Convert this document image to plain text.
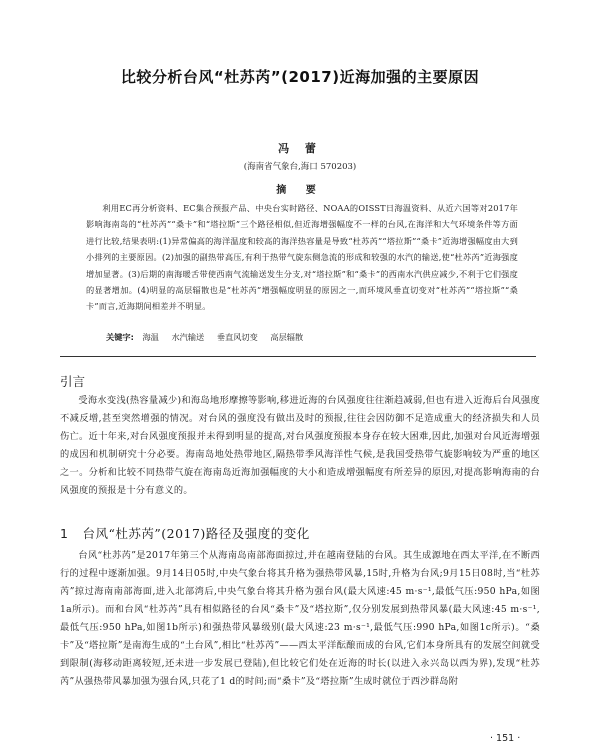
比较分析台风“杜苏芮”(2017)近海加强的主要原因
冯 蕾
(海南省气象台,海口 570203)
摘 要
利用EC再分析资料、EC集合预报产品、中央台实时路径、NOAA的OISST日海温资料、从近六国等对2017年影响海南岛的“杜苏芮”“桑卡”和“塔拉斯”三个路径相似,但近海增强幅度不一样的台风,在海洋和大气环境条件等方面进行比较,结果表明:(1)异常偏高的海洋温度和较高的海洋热容量是导致“杜苏芮”“塔拉斯”“桑卡”近海增强幅度由大到小排列的主要原因。(2)加强的副热带高压,有利于热带气旋东侧急流的形成和较强的水汽的输送,使“杜苏芮”近海强度增加显著。(3)后期的南海暖舌带使西南气流输送发生分支,对“塔拉斯”和“桑卡”的西南水汽供应减少,不利于它们强度的显著增加。(4)明显的高层辐散也是“杜苏芮”增强幅度明显的原因之一,而环境风垂直切变对“杜苏芮”“塔拉斯”“桑卡”而言,近海期间相差并不明显。
关键字: 海温 水汽输送 垂直风切变 高层辐散
引言
受海水变浅(热容量减少)和海岛地形摩擦等影响,移进近海的台风强度往往渐趋减弱,但也有进入近海后台风强度不减反增,甚至突然增强的情况。对台风的强度没有做出及时的预报,往往会因防御不足造成重大的经济损失和人员伤亡。近十年来,对台风强度预报并未得到明显的提高,对台风强度预报本身存在较大困难,因此,加强对台风近海增强的成因和机制研究十分必要。海南岛地处热带地区,隔热带季风海洋性气候,是我国受热带气旋影响较为严重的地区之一。分析和比较不同热带气旋在海南岛近海加强幅度的大小和造成增强幅度有所差异的原因,对提高影响海南的台风强度的预报是十分有意义的。
1 台风“杜苏芮”(2017)路径及强度的变化
台风“杜苏芮”是2017年第三个从海南岛南部海面掠过,并在越南登陆的台风。其生成源地在西太平洋,在不断西行的过程中逐渐加强。9月14日05时,中央气象台将其升格为强热带风暴,15时,升格为台风;9月15日08时,当“杜苏芮”掠过海南南部海面,进入北部湾后,中央气象台将其升格为强台风(最大风速:45 m·s⁻¹,最低气压:950 hPa,如图1a所示)。而和台风“杜苏芮”具有相似路径的台风“桑卡”及“塔拉斯”,仅分别发展到热带风暴(最大风速:45 m·s⁻¹,最低气压:950 hPa,如图1b所示)和强热带风暴级别(最大风速:23 m·s⁻¹,最低气压:990 hPa,如图1c所示)。“桑卡”及“塔拉斯”是南海生成的“土台风”,相比“杜苏芮”——西太平洋酝酿而成的台风,它们本身所具有的发展空间就受到限制(海移动距离较短,还未进一步发展已登陆),但比较它们处在近海的时长(以进入永兴岛以西为界),发现“杜苏芮”从强热带风暴加强为强台风,只花了1 d的时间;而“桑卡”及“塔拉斯”生成时就位于西沙群岛附
· 151 ·
